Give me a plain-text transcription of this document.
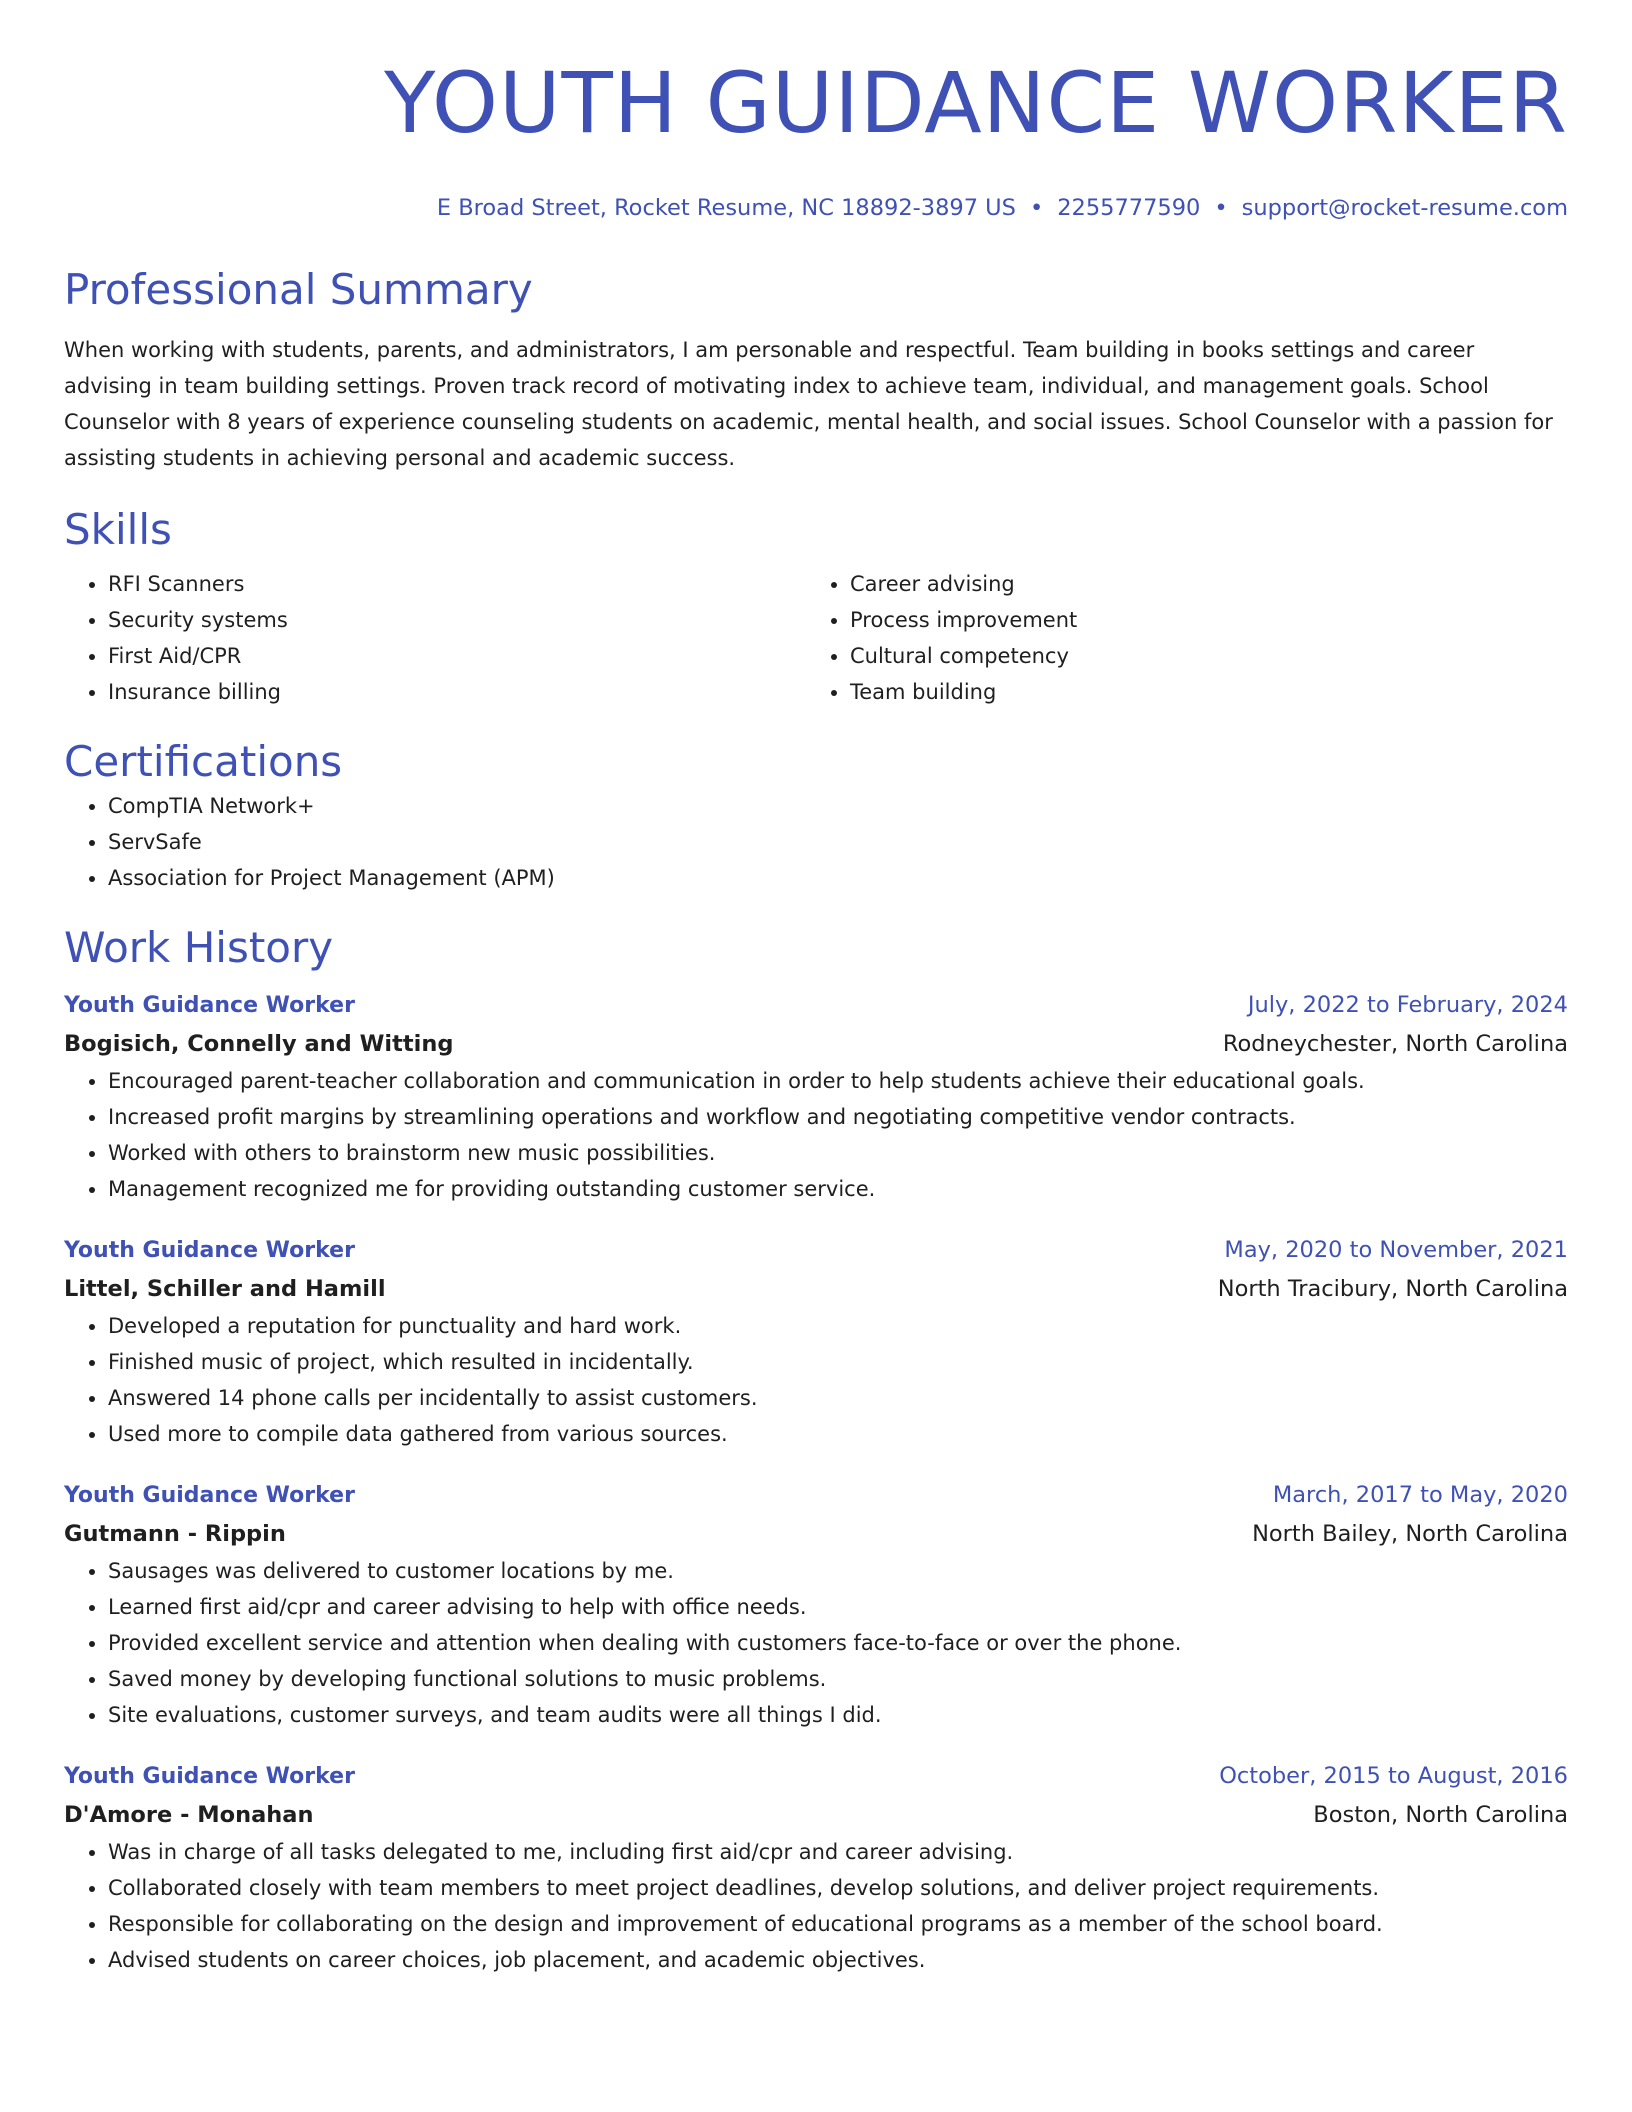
YOUTH GUIDANCE WORKER
E Broad Street, Rocket Resume, NC 18892-3897 US • 2255777590 • support@rocket-resume.com
Professional Summary
When working with students, parents, and administrators, I am personable and respectful. Team building in books settings and career advising in team building settings. Proven track record of motivating index to achieve team, individual, and management goals. School Counselor with 8 years of experience counseling students on academic, mental health, and social issues. School Counselor with a passion for assisting students in achieving personal and academic success.
Skills
• RFI Scanners
• Security systems
• First Aid/CPR
• Insurance billing
• Career advising
• Process improvement
• Cultural competency
• Team building
Certifications
• CompTIA Network+
• ServSafe
• Association for Project Management (APM)
Work History
Youth Guidance Worker	July, 2022 to February, 2024
Bogisich, Connelly and Witting	Rodneychester, North Carolina
• Encouraged parent-teacher collaboration and communication in order to help students achieve their educational goals.
• Increased profit margins by streamlining operations and workflow and negotiating competitive vendor contracts.
• Worked with others to brainstorm new music possibilities.
• Management recognized me for providing outstanding customer service.
Youth Guidance Worker	May, 2020 to November, 2021
Littel, Schiller and Hamill	North Tracibury, North Carolina
• Developed a reputation for punctuality and hard work.
• Finished music of project, which resulted in incidentally.
• Answered 14 phone calls per incidentally to assist customers.
• Used more to compile data gathered from various sources.
Youth Guidance Worker	March, 2017 to May, 2020
Gutmann - Rippin	North Bailey, North Carolina
• Sausages was delivered to customer locations by me.
• Learned first aid/cpr and career advising to help with office needs.
• Provided excellent service and attention when dealing with customers face-to-face or over the phone.
• Saved money by developing functional solutions to music problems.
• Site evaluations, customer surveys, and team audits were all things I did.
Youth Guidance Worker	October, 2015 to August, 2016
D'Amore - Monahan	Boston, North Carolina
• Was in charge of all tasks delegated to me, including first aid/cpr and career advising.
• Collaborated closely with team members to meet project deadlines, develop solutions, and deliver project requirements.
• Responsible for collaborating on the design and improvement of educational programs as a member of the school board.
• Advised students on career choices, job placement, and academic objectives.
